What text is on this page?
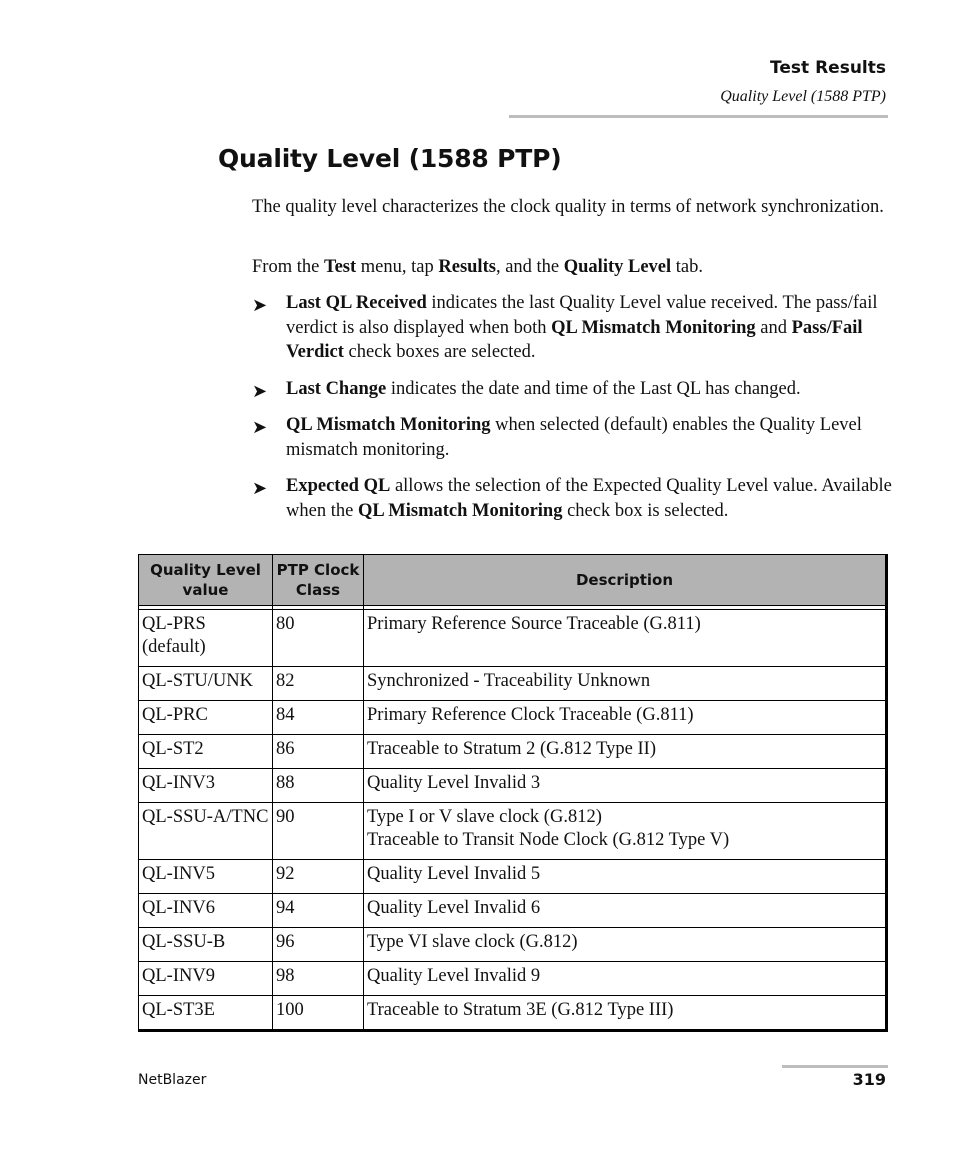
Test Results
Quality Level (1588 PTP)
Quality Level (1588 PTP)

The quality level characterizes the clock quality in terms of network synchronization.

From the Test menu, tap Results, and the Quality Level tab.

➤ Last QL Received indicates the last Quality Level value received. The pass/fail verdict is also displayed when both QL Mismatch Monitoring and Pass/Fail Verdict check boxes are selected.
➤ Last Change indicates the date and time of the Last QL has changed.
➤ QL Mismatch Monitoring when selected (default) enables the Quality Level mismatch monitoring.
➤ Expected QL allows the selection of the Expected Quality Level value. Available when the QL Mismatch Monitoring check box is selected.
Quality Level value	PTP Clock Class	Description

QL-PRS (default)	80	Primary Reference Source Traceable (G.811)
QL-STU/UNK	82	Synchronized - Traceability Unknown
QL-PRC	84	Primary Reference Clock Traceable (G.811)
QL-ST2	86	Traceable to Stratum 2 (G.812 Type II)
QL-INV3	88	Quality Level Invalid 3
QL-SSU-A/TNC	90	Type I or V slave clock (G.812)
Traceable to Transit Node Clock (G.812 Type V)

QL-INV5	92	Quality Level Invalid 5
QL-INV6	94	Quality Level Invalid 6
QL-SSU-B	96	Type VI slave clock (G.812)
QL-INV9	98	Quality Level Invalid 9
QL-ST3E	100	Traceable to Stratum 3E (G.812 Type III)
NetBlazer	319
